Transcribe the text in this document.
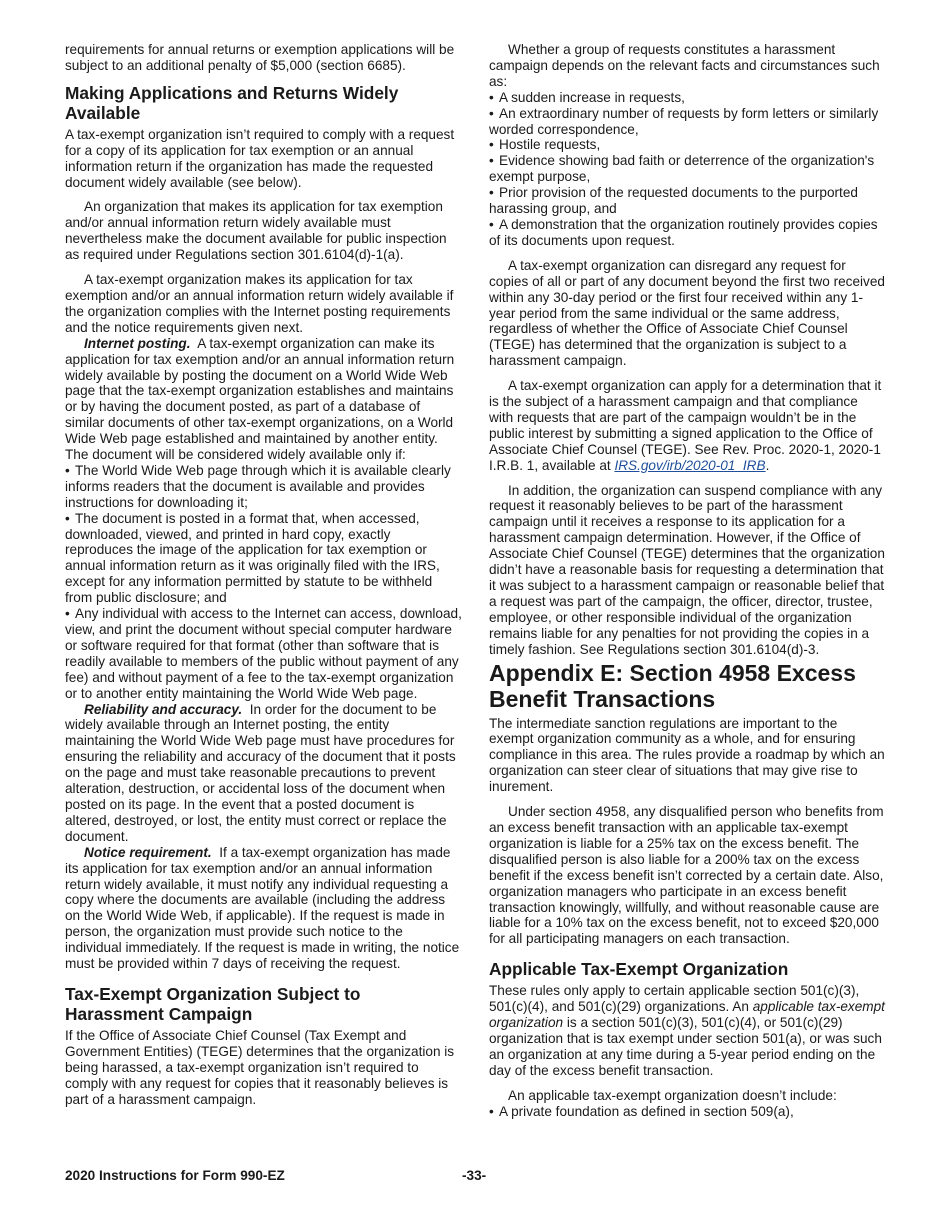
requirements for annual returns or exemption applications will be subject to an additional penalty of $5,000 (section 6685).

Making Applications and Returns Widely Available

A tax-exempt organization isn’t required to comply with a request for a copy of its application for tax exemption or an annual information return if the organization has made the requested document widely available (see below).

An organization that makes its application for tax exemption and/or annual information return widely available must nevertheless make the document available for public inspection as required under Regulations section 301.6104(d)-1(a).

A tax-exempt organization makes its application for tax exemption and/or an annual information return widely available if the organization complies with the Internet posting requirements and the notice requirements given next.

Internet posting. A tax-exempt organization can make its application for tax exemption and/or an annual information return widely available by posting the document on a World Wide Web page that the tax-exempt organization establishes and maintains or by having the document posted, as part of a database of similar documents of other tax-exempt organizations, on a World Wide Web page established and maintained by another entity. The document will be considered widely available only if:

• The World Wide Web page through which it is available clearly informs readers that the document is available and provides instructions for downloading it;

• The document is posted in a format that, when accessed, downloaded, viewed, and printed in hard copy, exactly reproduces the image of the application for tax exemption or annual information return as it was originally filed with the IRS, except for any information permitted by statute to be withheld from public disclosure; and

• Any individual with access to the Internet can access, download, view, and print the document without special computer hardware or software required for that format (other than software that is readily available to members of the public without payment of any fee) and without payment of a fee to the tax-exempt organization or to another entity maintaining the World Wide Web page.

Reliability and accuracy. In order for the document to be widely available through an Internet posting, the entity maintaining the World Wide Web page must have procedures for ensuring the reliability and accuracy of the document that it posts on the page and must take reasonable precautions to prevent alteration, destruction, or accidental loss of the document when posted on its page. In the event that a posted document is altered, destroyed, or lost, the entity must correct or replace the document.

Notice requirement. If a tax-exempt organization has made its application for tax exemption and/or an annual information return widely available, it must notify any individual requesting a copy where the documents are available (including the address on the World Wide Web, if applicable). If the request is made in person, the organization must provide such notice to the individual immediately. If the request is made in writing, the notice must be provided within 7 days of receiving the request.

Tax-Exempt Organization Subject to Harassment Campaign

If the Office of Associate Chief Counsel (Tax Exempt and Government Entities) (TEGE) determines that the organization is being harassed, a tax-exempt organization isn’t required to comply with any request for copies that it reasonably believes is part of a harassment campaign.

Whether a group of requests constitutes a harassment campaign depends on the relevant facts and circumstances such as:

• A sudden increase in requests,

• An extraordinary number of requests by form letters or similarly worded correspondence,

• Hostile requests,

• Evidence showing bad faith or deterrence of the organization's exempt purpose,

• Prior provision of the requested documents to the purported harassing group, and

• A demonstration that the organization routinely provides copies of its documents upon request.

A tax-exempt organization can disregard any request for copies of all or part of any document beyond the first two received within any 30-day period or the first four received within any 1-year period from the same individual or the same address, regardless of whether the Office of Associate Chief Counsel (TEGE) has determined that the organization is subject to a harassment campaign.

A tax-exempt organization can apply for a determination that it is the subject of a harassment campaign and that compliance with requests that are part of the campaign wouldn’t be in the public interest by submitting a signed application to the Office of Associate Chief Counsel (TEGE). See Rev. Proc. 2020-1, 2020-1 I.R.B. 1, available at IRS.gov/irb/2020-01_IRB.

In addition, the organization can suspend compliance with any request it reasonably believes to be part of the harassment campaign until it receives a response to its application for a harassment campaign determination. However, if the Office of Associate Chief Counsel (TEGE) determines that the organization didn’t have a reasonable basis for requesting a determination that it was subject to a harassment campaign or reasonable belief that a request was part of the campaign, the officer, director, trustee, employee, or other responsible individual of the organization remains liable for any penalties for not providing the copies in a timely fashion. See Regulations section 301.6104(d)-3.

Appendix E: Section 4958 Excess Benefit Transactions

The intermediate sanction regulations are important to the exempt organization community as a whole, and for ensuring compliance in this area. The rules provide a roadmap by which an organization can steer clear of situations that may give rise to inurement.

Under section 4958, any disqualified person who benefits from an excess benefit transaction with an applicable tax-exempt organization is liable for a 25% tax on the excess benefit. The disqualified person is also liable for a 200% tax on the excess benefit if the excess benefit isn’t corrected by a certain date. Also, organization managers who participate in an excess benefit transaction knowingly, willfully, and without reasonable cause are liable for a 10% tax on the excess benefit, not to exceed $20,000 for all participating managers on each transaction.

Applicable Tax-Exempt Organization

These rules only apply to certain applicable section 501(c)(3), 501(c)(4), and 501(c)(29) organizations. An applicable tax-exempt organization is a section 501(c)(3), 501(c)(4), or 501(c)(29) organization that is tax exempt under section 501(a), or was such an organization at any time during a 5-year period ending on the day of the excess benefit transaction.

An applicable tax-exempt organization doesn’t include:

• A private foundation as defined in section 509(a),

2020 Instructions for Form 990-EZ	-33-
